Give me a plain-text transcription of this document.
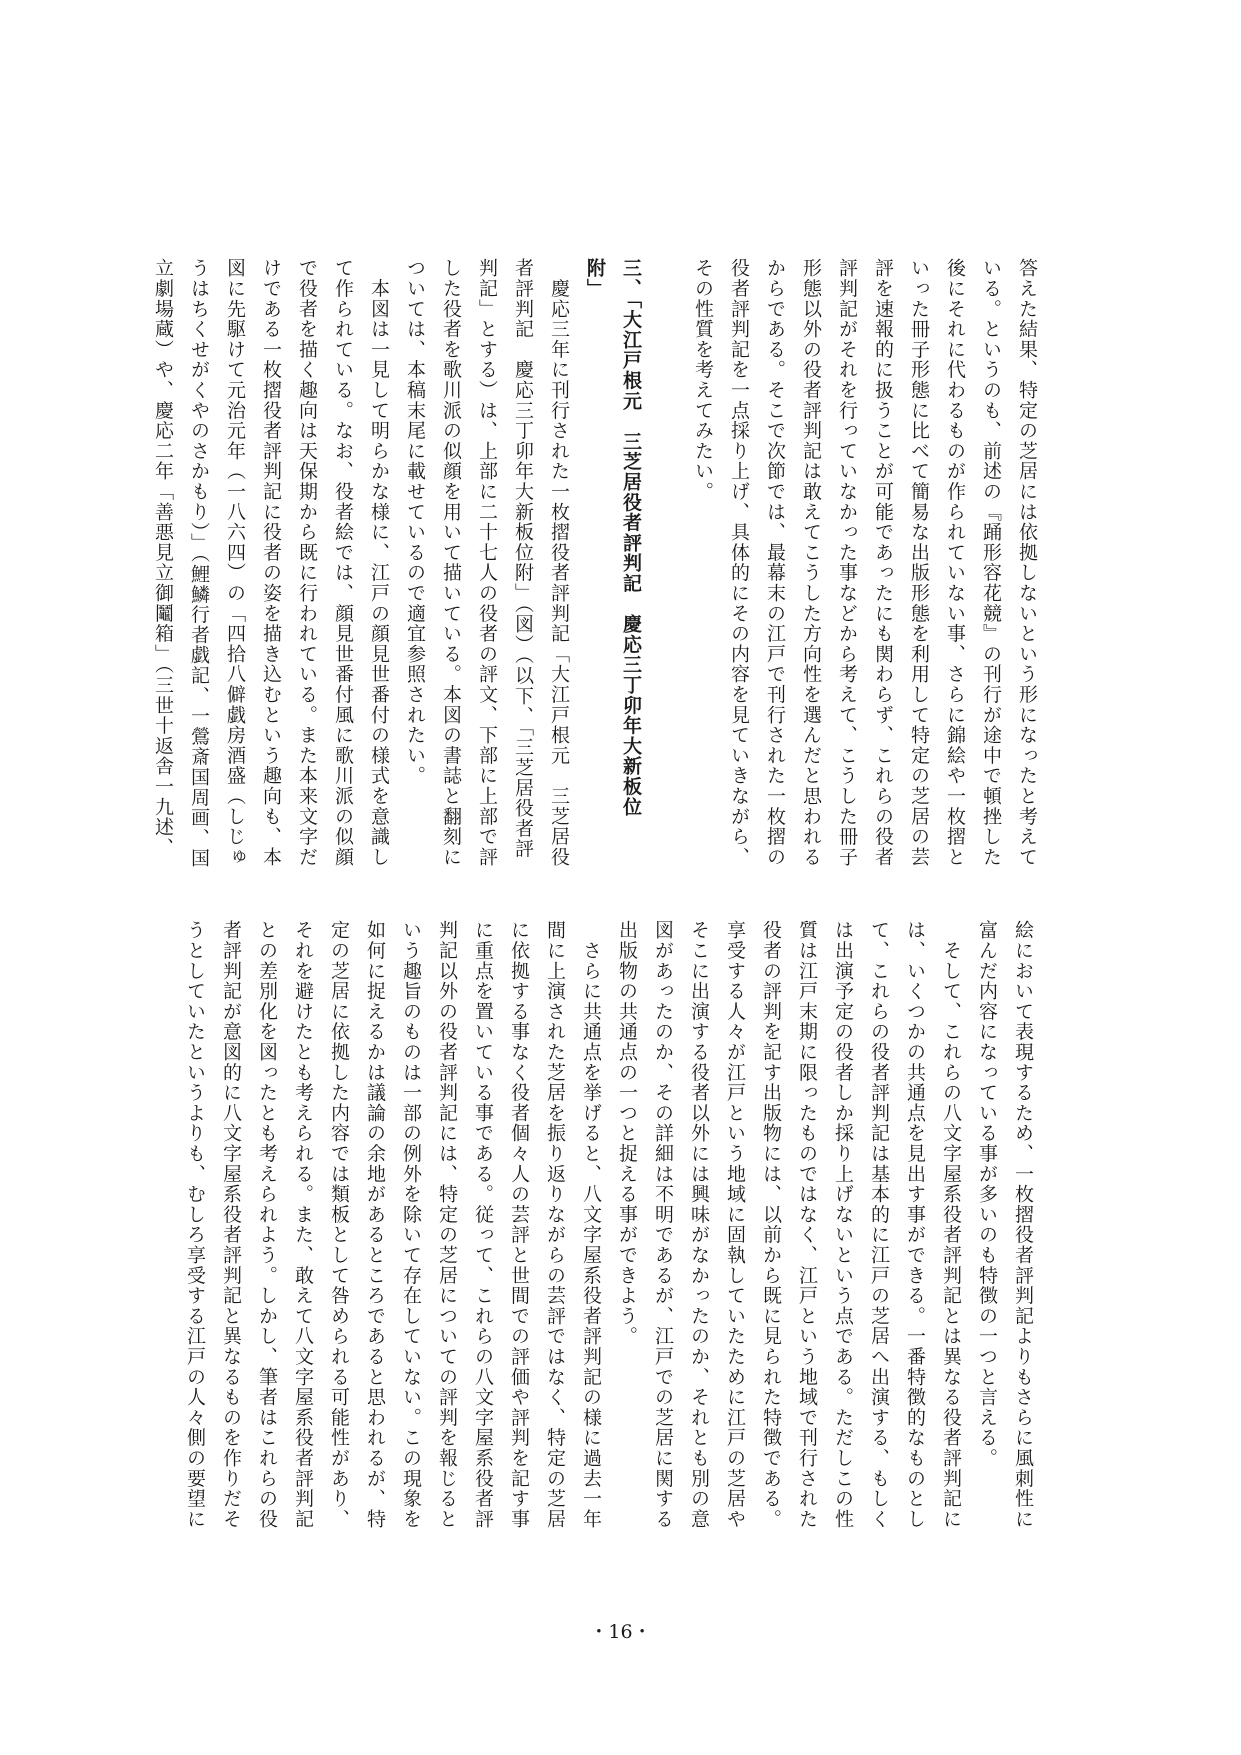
答えた結果、特定の芝居には依拠しないという形になったと考えて

いる。というのも、前述の『踊形容花競』の刊行が途中で頓挫した

後にそれに代わるものが作られていない事、さらに錦絵や一枚摺と

いった冊子形態に比べて簡易な出版形態を利用して特定の芝居の芸

評を速報的に扱うことが可能であったにも関わらず、これらの役者

評判記がそれを行っていなかった事などから考えて、こうした冊子

形態以外の役者評判記は敢えてこうした方向性を選んだと思われる

からである。そこで次節では、最幕末の江戸で刊行された一枚摺の

役者評判記を一点採り上げ、具体的にその内容を見ていきながら、

その性質を考えてみたい。

三、「大江戸根元　三芝居役者評判記　慶応三丁卯年大新板位

附」

　慶応三年に刊行された一枚摺役者評判記「大江戸根元　三芝居役

者評判記　慶応三丁卯年大新板位附」（図）（以下、「三芝居役者評

判記」とする）は、上部に二十七人の役者の評文、下部に上部で評

した役者を歌川派の似顔を用いて描いている。本図の書誌と翻刻に

ついては、本稿末尾に載せているので適宜参照されたい。

　本図は一見して明らかな様に、江戸の顔見世番付の様式を意識し

て作られている。なお、役者絵では、顔見世番付風に歌川派の似顔

で役者を描く趣向は天保期から既に行われている。また本来文字だ

けである一枚摺役者評判記に役者の姿を描き込むという趣向も、本

図に先駆けて元治元年（一八六四）の「四拾八僻戯房酒盛（しじゅ

うはちくせがくやのさかもり）」（鯉鱗行者戯記、一鶯斎国周画、国

立劇場蔵）や、慶応二年「善悪見立御鬮箱」（三世十返舎一九述、

絵において表現するため、一枚摺役者評判記よりもさらに風刺性に

富んだ内容になっている事が多いのも特徴の一つと言える。

　そして、これらの八文字屋系役者評判記とは異なる役者評判記に

は、いくつかの共通点を見出す事ができる。一番特徴的なものとし

て、これらの役者評判記は基本的に江戸の芝居へ出演する、もしく

は出演予定の役者しか採り上げないという点である。ただしこの性

質は江戸末期に限ったものではなく、江戸という地域で刊行された

役者の評判を記す出版物には、以前から既に見られた特徴である。

享受する人々が江戸という地域に固執していたために江戸の芝居や

そこに出演する役者以外には興味がなかったのか、それとも別の意

図があったのか、その詳細は不明であるが、江戸での芝居に関する

出版物の共通点の一つと捉える事ができよう。

　さらに共通点を挙げると、八文字屋系役者評判記の様に過去一年

間に上演された芝居を振り返りながらの芸評ではなく、特定の芝居

に依拠する事なく役者個々人の芸評と世間での評価や評判を記す事

に重点を置いている事である。従って、これらの八文字屋系役者評

判記以外の役者評判記には、特定の芝居についての評判を報じると

いう趣旨のものは一部の例外を除いて存在していない。この現象を

如何に捉えるかは議論の余地があるところであると思われるが、特

定の芝居に依拠した内容では類板として咎められる可能性があり、

それを避けたとも考えられる。また、敢えて八文字屋系役者評判記

との差別化を図ったとも考えられよう。しかし、筆者はこれらの役

者評判記が意図的に八文字屋系役者評判記と異なるものを作りだそ

うとしていたというよりも、むしろ享受する江戸の人々側の要望に

・16・
